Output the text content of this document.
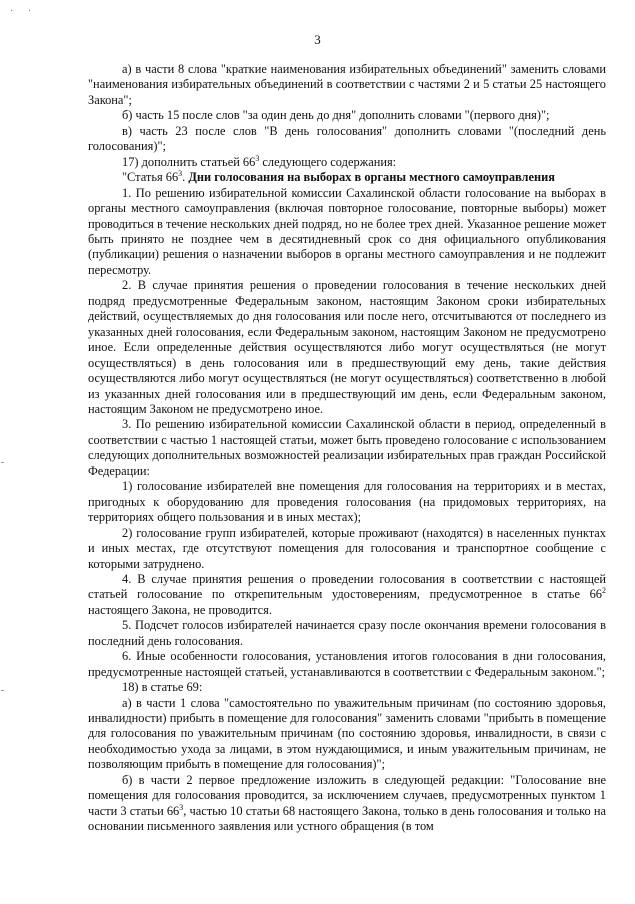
· ·
3

а) в части 8 слова "краткие наименования избирательных объединений" заменить словами "наименования избирательных объединений в соответствии с частями 2 и 5 статьи 25 настоящего Закона";

б) часть 15 после слов "за один день до дня" дополнить словами "(первого дня)";

в) часть 23 после слов "В день голосования" дополнить словами "(последний день голосования)";

17) дополнить статьей $66^3$ следующего содержания:

"Статья $66^3$. Дни голосования на выборах в органы местного самоуправления

1. По решению избирательной комиссии Сахалинской области голосование на выборах в органы местного самоуправления (включая повторное голосование, повторные выборы) может проводиться в течение нескольких дней подряд, но не более трех дней. Указанное решение может быть принято не позднее чем в десятидневный срок со дня официального опубликования (публикации) решения о назначении выборов в органы местного самоуправления и не подлежит пересмотру.

2. В случае принятия решения о проведении голосования в течение нескольких дней подряд предусмотренные Федеральным законом, настоящим Законом сроки избирательных действий, осуществляемых до дня голосования или после него, отсчитываются от последнего из указанных дней голосования, если Федеральным законом, настоящим Законом не предусмотрено иное. Если определенные действия осуществляются либо могут осуществляться (не могут осуществляться) в день голосования или в предшествующий ему день, такие действия осуществляются либо могут осуществляться (не могут осуществляться) соответственно в любой из указанных дней голосования или в предшествующий им день, если Федеральным законом, настоящим Законом не предусмотрено иное.

3. По решению избирательной комиссии Сахалинской области в период, определенный в соответствии с частью 1 настоящей статьи, может быть проведено голосование с использованием следующих дополнительных возможностей реализации избирательных прав граждан Российской Федерации:

1) голосование избирателей вне помещения для голосования на территориях и в местах, пригодных к оборудованию для проведения голосования (на придомовых территориях, на территориях общего пользования и в иных местах);

2) голосование групп избирателей, которые проживают (находятся) в населенных пунктах и иных местах, где отсутствуют помещения для голосования и транспортное сообщение с которыми затруднено.

4. В случае принятия решения о проведении голосования в соответствии с настоящей статьей голосование по открепительным удостоверениям, предусмотренное в статье $66^2$ настоящего Закона, не проводится.

5. Подсчет голосов избирателей начинается сразу после окончания времени голосования в последний день голосования.

6. Иные особенности голосования, установления итогов голосования в дни голосования, предусмотренные настоящей статьей, устанавливаются в соответствии с Федеральным законом.";

18) в статье 69:

а) в части 1 слова "самостоятельно по уважительным причинам (по состоянию здоровья, инвалидности) прибыть в помещение для голосования" заменить словами "прибыть в помещение для голосования по уважительным причинам (по состоянию здоровья, инвалидности, в связи с необходимостью ухода за лицами, в этом нуждающимися, и иным уважительным причинам, не позволяющим прибыть в помещение для голосования)";

б) в части 2 первое предложение изложить в следующей редакции: "Голосование вне помещения для голосования проводится, за исключением случаев, предусмотренных пунктом 1 части 3 статьи $66^3$, частью 10 статьи 68 настоящего Закона, только в день голосования и только на основании письменного заявления или устного обращения (в том
